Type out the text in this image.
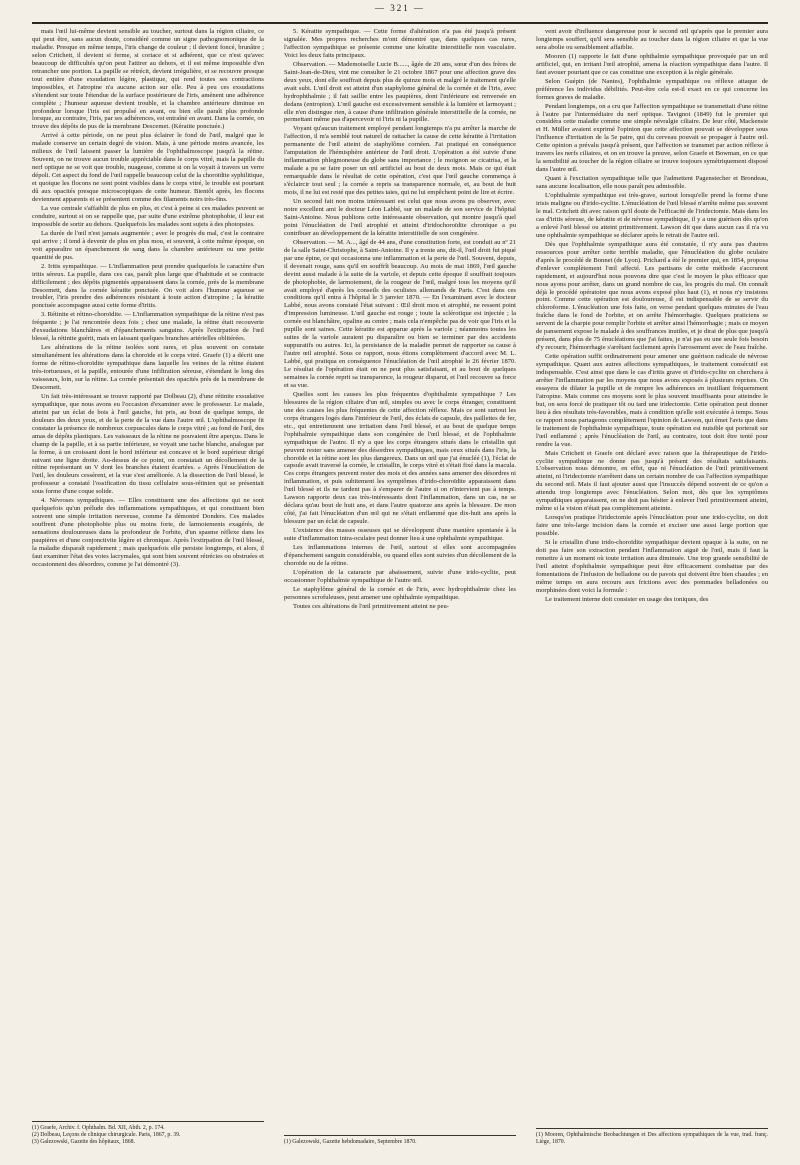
— 321 —

mais l'œil lui-même devient sensible au toucher, surtout dans la région ciliaire, ce qui peut être, sans aucun doute, considéré comme un signe pathognomonique de la maladie. Presque en même temps, l'iris change de couleur ; il devient foncé, brunâtre ; selon Critchett, il devient si ferme, si coriace et si adhérent, que ce n'est qu'avec beaucoup de difficultés qu'on peut l'attirer au dehors, et il est même impossible d'en retrancher une portion. La papille se rétrécit, devient irrégulière, et se recouvre presque tout entière d'une exsudation légère, plastique, qui rend toutes ses contractions impossibles, et l'atropine n'a aucune action sur elle. Peu à peu ces exsudations s'étendent sur toute l'étendue de la surface postérieure de l'iris, amènent une adhérence complète ; l'humeur aqueuse devient trouble, et la chambre antérieure diminue en profondeur lorsque l'iris est propulsé en avant, ou bien elle paraît plus profonde lorsque, au contraire, l'iris, par ses adhérences, est entraîné en avant. Dans la cornée, on trouve des dépôts de pus de la membrane Descemet. (Kératite ponctuée.)

Arrivé à cette période, on ne peut plus éclairer le fond de l'œil, malgré que le malade conserve un certain degré de vision. Mais, à une période moins avancée, les milieux de l'œil laissent passer la lumière de l'ophthalmoscope jusqu'à la rétine. Souvent, on ne trouve aucun trouble appréciable dans le corps vitré, mais la papille du nerf optique ne se voit que trouble, nuageuse, comme si on la voyait à travers un verre dépoli. Cet aspect du fond de l'œil rappelle beaucoup celui de la choroïdite syphilitique, et quoique les flocons ne sont point visibles dans le corps vitré, le trouble est pourtant dû aux opacités presque microscopiques de cette humeur. Bientôt après, les flocons deviennent apparents et se présentent comme des filaments noirs très-fins.

La vue centrale s'affaiblit de plus en plus, et c'est à peine si ces malades peuvent se conduire, surtout si on se rappelle que, par suite d'une extrême photophobie, il leur est impossible de sortir au dehors. Quelquefois les malades sont sujets à des photopsies.

La durée de l'œil n'est jamais augmentée ; avec le progrès du mal, c'est le contraire qui arrive ; il tend à devenir de plus en plus mou, et souvent, à cette même époque, on voit apparaître un épanchement de sang dans la chambre antérieure ou une petite quantité de pus.

2. Iritis sympathique. — L'inflammation peut prendre quelquefois le caractère d'un iritis séreux. La pupille, dans ces cas, paraît plus large que d'habitude et se contracte difficilement ; des dépôts pigmentés apparaissent dans la cornée, près de la membrane Descemett, dans la cornée kératite ponctuée. On voit alors l'humeur aqueuse se troubler, l'iris prendre des adhérences résistant à toute action d'atropine ; la kératite ponctuée accompagne aussi cette forme d'iritis.

3. Rétinite et rétino-choroïdite. — L'inflammation sympathique de la rétine n'est pas fréquente ; je l'ai rencontrée deux fois ; chez une malade, la rétine était recouverte d'exsudations blanchâtres et d'épanchements sanguins. Après l'extirpation de l'œil blessé, la rétinite guérit, mais en laissant quelques branches artérielles oblitérées.

Les altérations de la rétine isolées sont rares, et plus souvent on constate simultanément les altérations dans la choroïde et le corps vitré. Graefe (1) a décrit une forme de rétino-choroïdite sympathique dans laquelle les veines de la rétine étaient très-tortueuses, et la papille, entourée d'une infiltration séreuse, s'étendant le long des vaisseaux, loin, sur la rétine. La cornée présentait des opacités près de la membrane de Descemett.

Un fait très-intéressant se trouve rapporté par Dolbeau (2), d'une rétinite exsudative sympathique, que nous avons eu l'occasion d'examiner avec le professeur. Le malade, atteint par un éclat de bois à l'œil gauche, fut pris, au bout de quelque temps, de douleurs des deux yeux, et de la perte de la vue dans l'autre œil. L'ophthalmoscope fit constater la présence de nombreux corpuscules dans le corps vitré ; au fond de l'œil, des amas de dépôts plastiques. Les vaisseaux de la rétine ne pouvaient être aperçus. Dans le champ de la papille, et à sa partie inférieure, se voyait une tache blanche, analogue par la forme, à un croissant dont le bord inférieur est concave et le bord supérieur dirigé suivant une ligne droite. Au-dessus de ce point, on constatait un décollement de la rétine représentant un V dont les branches étaient écartées. » Après l'énucléation de l'œil, les douleurs cessèrent, et la vue s'est améliorée. A la dissection de l'œil blessé, le professeur a constaté l'ossification du tissu cellulaire sous-rétinien qui se présentait sous forme d'une coque solide.

4. Névroses sympathiques. — Elles constituent une des affections qui ne sont quelquefois qu'un prélude des inflammations sympathiques, et qui constituent bien souvent une simple irritation nerveuse, comme l'a démontré Donders. Ces malades souffrent d'une photophobie plus ou moins forte, de larmoiements exagérés, de sensations douloureuses dans la profondeur de l'orbite, d'un spasme réflexe dans les paupières et d'une conjonctivite légère et chronique. Après l'extirpation de l'œil blessé, la maladie disparaît rapidement ; mais quelquefois elle persiste longtemps, et alors, il faut examiner l'état des voies lacrymales, qui sont bien souvent rétrécies ou obstruées et occasionnent des désordres, comme je l'ai démontré (3).

(1) Graefe, Archiv. f. Ophthalm. Bd. XII, Abth. 2, p. 174.
(2) Dolbeau, Leçons de clinique chirurgicale. Paris, 1867, p. 39.
(3) Galezowski, Gazette des hôpitaux, 1868.

5. Kératite sympathique. — Cette forme d'altération n'a pas été jusqu'à présent signalée. Mes propres recherches m'ont démontré que, dans quelques cas rares, l'affection sympathique se présente comme une kératite interstitielle non vasculaire. Voici les deux faits principaux.

Observation. — Mademoiselle Lucie B......, âgée de 20 ans, sœur d'un des frères de Saint-Jean-de-Dieu, vint me consulter le 21 octobre 1867 pour une affection grave des deux yeux, dont elle souffrait depuis plus de quinze mois et malgré le traitement qu'elle avait subi. L'œil droit est atteint d'un staphylome général de la cornée et de l'iris, avec hydrophthalmie ; il fait saillie entre les paupières, dont l'inférieure est renversée en dedans (entropion). L'œil gauche est excessivement sensible à la lumière et larmoyant ; elle n'en distingue rien, à cause d'une infiltration générale interstitielle de la cornée, ne permettant même pas d'apercevoir ni l'iris ni la pupille.

Voyant qu'aucun traitement employé pendant longtemps n'a pu arrêter la marche de l'affection, il m'a semblé tout naturel de rattacher la cause de cette kératite à l'irritation permanente de l'œil atteint de staphylôme cornéen. J'ai pratiqué en conséquence l'amputation de l'hémisphère antérieur de l'œil droit. L'opération a été suivie d'une inflammation phlegmoneuse du globe sans importance ; le moignon se cicatrisa, et la malade a pu se faire poser un œil artificiel au bout de deux mois. Mais ce qui était remarquable dans le résultat de cette opération, c'est que l'œil gauche commença à s'éclaircir tout seul ; la cornée a repris sa transparence normale, et, au bout de huit mois, il ne lui est resté que des petites taies, qui ne lui empêchent point de lire et écrire.

Un second fait non moins intéressant est celui que nous avons pu observer, avec notre excellent ami le docteur Léon Labbé, sur un malade de son service de l'hôpital Saint-Antoine. Nous publions cette intéressante observation, qui montre jusqu'à quel point l'énucléation de l'œil atrophié et atteint d'iridochoroïdite chronique a pu contribuer au développement de la kératite interstitielle de son congénère.

Observation. — M. A..., âgé de 44 ans, d'une constitution forte, est conduit au nº 21 de la salle Saint-Christophe, à Saint-Antoine. Il y a trente ans, dit-il, l'œil droit fut piqué par une épine, ce qui occasionna une inflammation et la perte de l'œil. Souvent, depuis, il devenait rouge, sans qu'il en souffrît beaucoup. Au mois de mai 1869, l'œil gauche devint aussi malade à la suite de la variole, et depuis cette époque il souffrait toujours de photophobie, de larmoiement, de la rougeur de l'œil, malgré tous les moyens qu'il avait employé d'après les conseils des oculistes allemands de Paris. C'est dans ces conditions qu'il entra à l'hôpital le 3 janvier 1870. — En l'examinant avec le docteur Labbé, nous avons constaté l'état suivant : Œil droit mou et atrophié, ne ressent point d'impression lumineuse. L'œil gauche est rouge ; toute la sclérotique est injectée ; la cornée est blanchâtre, opaline au centre ; mais cela n'empêche pas de voir que l'iris et la pupille sont saines. Cette kératite est apparue après la variole ; néanmoins toutes les suites de la variole auraient pu disparaître ou bien se terminer par des accidents suppuratifs ou autres. Ici, la persistance de la maladie permet de rapporter sa cause à l'autre œil atrophié. Sous ce rapport, nous étions complètement d'accord avec M. L. Labbé, qui pratiqua en conséquence l'énucléation de l'œil atrophié le 26 février 1870. Le résultat de l'opération était on ne peut plus satisfaisant, et au bout de quelques semaines la cornée reprit sa transparence, la rougeur disparut, et l'œil recouvre sa force et sa vue.

Quelles sont les causes les plus fréquentes d'ophthalmie sympathique ? Les blessures de la région ciliaire d'un œil, simples ou avec le corps étranger, constituent une des causes les plus fréquentes de cette affection réflexe. Mais ce sont surtout les corps étrangers logés dans l'intérieur de l'œil, des éclats de capsule, des paillettes de fer, etc., qui entretiennent une irritation dans l'œil blessé, et au bout de quelque temps l'ophthalmie sympathique dans son congénère de l'œil blessé, et de l'ophthalmie sympathique de l'autre. Il n'y a que les corps étrangers situés dans le cristallin qui peuvent rester sans amener des désordres sympathiques, mais ceux situés dans l'iris, la choroïde et la rétine sont les plus dangereux. Dans un œil que j'ai énucléé (1), l'éclat de capsule avait traversé la cornée, le cristallin, le corps vitré et s'était fixé dans la macula. Ces corps étrangers peuvent rester des mois et des années sans amener des désordres ni inflammation, et puis subitement les symptômes d'irido-choroïdite apparaissent dans l'œil blessé et ils ne tardent pas à s'emparer de l'autre si on n'intervient pas à temps. Lawson rapporte deux cas très-intéressants dont l'inflammation, dans un cas, ne se déclara qu'au bout de huit ans, et dans l'autre quatorze ans après la blessure. De mon côté, j'ai fait l'énucléation d'un œil qui ne s'était enflammé que dix-huit ans après la blessure par un éclat de capsule.

L'existence des masses osseuses qui se développent d'une manière spontanée à la suite d'inflammation intra-oculaire peut donner lieu à une ophthalmie sympathique.

Les inflammations internes de l'œil, surtout si elles sont accompagnées d'épanchement sanguin considérable, ou quand elles sont suivies d'un décollement de la choroïde ou de la rétine.

L'opération de la cataracte par abaissement, suivie d'une irido-cyclite, peut occasionner l'ophthalmie sympathique de l'autre œil.

Le staphylôme général de la cornée et de l'iris, avec hydrophthalmie chez les personnes scrofuleuses, peut amener une ophthalmie sympathique.

Toutes ces altérations de l'œil primitivement atteint ne peu-

(1) Galezowski, Gazette hebdomadaire, Septembre 1870.

vent avoir d'influence dangereuse pour le second œil qu'après que le premier aura longtemps souffert, qu'il sera sensible au toucher dans la région ciliaire et que la vue sera abolie ou sensiblement affaiblie.

Mooren (1) rapporte le fait d'une ophthalmie sympathique provoquée par un œil artificiel, qui, en irritant l'œil atrophié, amena la réaction sympathique dans l'autre. Il faut avouer pourtant que ce cas constitue une exception à la règle générale.

Selon Guépin (de Nantes), l'ophthalmie sympathique ou réflexe attaque de préférence les individus débilités. Peut-être cela est-il exact en ce qui concerne les formes graves de maladie.

Pendant longtemps, on a cru que l'affection sympathique se transmettait d'une rétine à l'autre par l'intermédiaire du nerf optique. Tavignot (1849) fut le premier qui considéra cette maladie comme une simple névralgie ciliaire. De leur côté, Mackensie et H. Müller avaient exprimé l'opinion que cette affection pouvait se développer sous l'influence d'irritation de la 5e paire, qui du cerveau pouvait se propager à l'autre œil. Cette opinion a prévalu jusqu'à présent, que l'affection se transmet par action réflexe à travers les nerfs ciliaires, et on en trouve la preuve, selon Graefe et Bowman, en ce que la sensibilité au toucher de la région ciliaire se trouve toujours symétriquement disposé dans l'autre œil.

Quant à l'excitation sympathique telle que l'admettent Pagenstecher et Brondeau, sans aucune localisation, elle nous paraît peu admissible.

L'ophthalmie sympathique est très-grave, surtout lorsqu'elle prend la forme d'une irisis maligne ou d'irido-cyclite. L'énucléation de l'œil blessé n'arrête même pas souvent le mal. Critchett dit avec raison qu'il doute de l'efficacité de l'iridectomie. Mais dans les cas d'iritis séreuse, de kératite et de névrose sympathique, il y a une guérison dès qu'on a enlevé l'œil blessé ou atteint primitivement. Lawson dit que dans aucun cas il n'a vu une ophthalmie sympathique se déclarer après le retrait de l'autre œil.

Dès que l'ophthalmie sympathique aura été constatée, il n'y aura pas d'autres ressources pour arrêter cette terrible maladie, que l'énucléation du globe oculaire d'après le procédé de Bonnet (de Lyon). Prichard a été le premier qui, en 1854, proposa d'enlever complètement l'œil affecté. Les partisans de cette méthode s'accrurent rapidement, et aujourd'hui nous pouvons dire que c'est le moyen le plus efficace que nous ayons pour arrêter, dans un grand nombre de cas, les progrès du mal. On connaît déjà le procédé opératoire que nous avons exposé plus haut (1), et nous n'y insistons point. Comme cette opération est douloureuse, il est indispensable de se servir du chloroforme. L'énucléation une fois faite, on verse pendant quelques minutes de l'eau fraîche dans le fond de l'orbite, et on arrête l'hémorrhagie. Quelques praticiens se servent de la charpie pour remplir l'orbite et arrêter ainsi l'hémorrhagie ; mais ce moyen de pansement expose le malade à des souffrances inutiles, et je dirai de plus que jusqu'à présent, dans plus de 75 énucléations que j'ai faites, je n'ai pas eu une seule fois besoin d'y recourir, l'hémorrhagie s'arrêtant facilement après l'arrosement avec de l'eau fraîche.

Cette opération suffit ordinairement pour amener une guérison radicale de névrose sympathique. Quant aux autres affections sympathiques, le traitement consécutif est indispensable. C'est ainsi que dans le cas d'iritis grave et d'irido-cyclite on cherchera à arrêter l'inflammation par les moyens que nous avons exposés à plusieurs reprises. On essayera de dilater la pupille et de rompre les adhérences en instillant fréquemment l'atropine. Mais comme ces moyens sont le plus souvent insuffisants pour atteindre le but, on sera forcé de pratiquer tôt ou tard une iridectomie. Cette opération peut donner lieu à des résultats très-favorables, mais à condition qu'elle soit exécutée à temps. Sous ce rapport nous partageons complètement l'opinion de Lawson, qui émet l'avis que dans le traitement de l'ophthalmie sympathique, toute opération est nuisible qui porterait sur l'œil enflammé ; après l'énucléation de l'œil, au contraire, tout doit être tenté pour rendre la vue.

Mais Critchett et Graefe ont déclaré avec raison que la thérapeutique de l'irido-cyclite sympathique ne donne pas jusqu'à présent des résultats satisfaisants. L'observation nous démontre, en effet, que ni l'énucléation de l'œil primitivement atteint, ni l'iridectomie n'arrêtent dans un certain nombre de cas l'affection sympathique du second œil. Mais il faut ajouter aussi que l'insuccès dépend souvent de ce qu'on a attendu trop longtemps avec l'énucléation. Selon moi, dès que les symptômes sympathiques apparaissent, on ne doit pas hésiter à enlever l'œil primitivement atteint, même si la vision n'était pas complètement atteinte.

Lorsqu'on pratique l'iridectomie après l'énucléation pour une irido-cyclite, on doit faire une très-large incision dans la cornée et exciser une aussi large portion que possible.

Si le cristallin d'une irido-choroïdite sympathique devient opaque à la suite, on ne doit pas faire son extraction pendant l'inflammation aiguë de l'œil, mais il faut la remettre à un moment où toute irritation aura diminuée. Une trop grande sensibilité de l'œil atteint d'ophthalmie sympathique peut être efficacement combattue par des fomentations de l'infusion de belladone ou de pavots qui doivent être bien chaudes ; en même temps on aura recours aux frictions avec des pommades belladonées ou morphinées dont voici la formule :

Le traitement interne doit consister en usage des toniques, des

(1) Mooren, Ophthalmische Beobachtungen et Des affections sympathiques de la vue, trad. franç. Liège, 1870.
